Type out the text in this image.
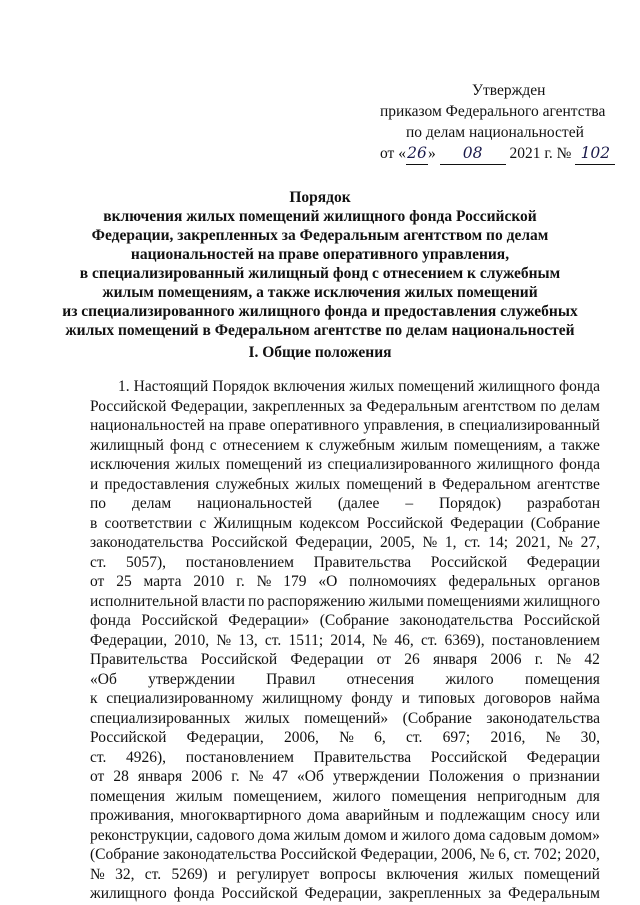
Утвержден
приказом Федерального агентства
по делам национальностей
от «26» 08 2021 г. № 102
Порядок
включения жилых помещений жилищного фонда Российской
Федерации, закрепленных за Федеральным агентством по делам
национальностей на праве оперативного управления,
в специализированный жилищный фонд с отнесением к служебным
жилым помещениям, а также исключения жилых помещений
из специализированного жилищного фонда и предоставления служебных
жилых помещений в Федеральном агентстве по делам национальностей
I. Общие положения
1. Настоящий Порядок включения жилых помещений жилищного фонда
Российской Федерации, закрепленных за Федеральным агентством по делам
национальностей на праве оперативного управления, в специализированный
жилищный фонд с отнесением к служебным жилым помещениям, а также
исключения жилых помещений из специализированного жилищного фонда
и предоставления служебных жилых помещений в Федеральном агентстве
по делам национальностей (далее – Порядок) разработан
в соответствии с Жилищным кодексом Российской Федерации (Собрание
законодательства Российской Федерации, 2005, № 1, ст. 14; 2021, № 27,
ст. 5057), постановлением Правительства Российской Федерации
от 25 марта 2010 г. № 179 «О полномочиях федеральных органов
исполнительной власти по распоряжению жилыми помещениями жилищного
фонда Российской Федерации» (Собрание законодательства Российской
Федерации, 2010, № 13, ст. 1511; 2014, № 46, ст. 6369), постановлением
Правительства Российской Федерации от 26 января 2006 г. № 42
«Об утверждении Правил отнесения жилого помещения
к специализированному жилищному фонду и типовых договоров найма
специализированных жилых помещений» (Собрание законодательства
Российской Федерации, 2006, № 6, ст. 697; 2016, № 30,
ст. 4926), постановлением Правительства Российской Федерации
от 28 января 2006 г. № 47 «Об утверждении Положения о признании
помещения жилым помещением, жилого помещения непригодным для
проживания, многоквартирного дома аварийным и подлежащим сносу или
реконструкции, садового дома жилым домом и жилого дома садовым домом»
(Собрание законодательства Российской Федерации, 2006, № 6, ст. 702; 2020,
№ 32, ст. 5269) и регулирует вопросы включения жилых помещений
жилищного фонда Российской Федерации, закрепленных за Федеральным
